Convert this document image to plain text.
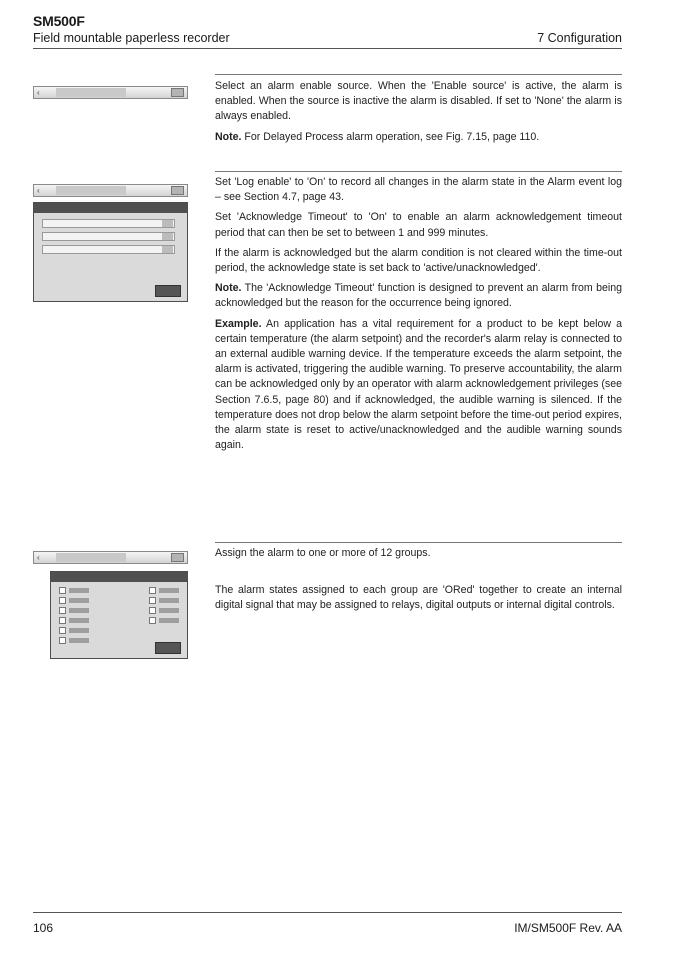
SM500F
Field mountable paperless recorder	7 Configuration
‹

Select an alarm enable source. When the 'Enable source' is active, the alarm is enabled. When the source is inactive the alarm is disabled. If set to 'None' the alarm is always enabled.

Note. For Delayed Process alarm operation, see Fig. 7.15, page 110.

‹

Set 'Log enable' to 'On' to record all changes in the alarm state in the Alarm event log – see Section 4.7, page 43.

Set 'Acknowledge Timeout' to 'On' to enable an alarm acknowledgement timeout period that can then be set to between 1 and 999 minutes.

If the alarm is acknowledged but the alarm condition is not cleared within the time-out period, the acknowledge state is set back to 'active/unacknowledged'.

Note. The 'Acknowledge Timeout' function is designed to prevent an alarm from being acknowledged but the reason for the occurrence being ignored.

Example. An application has a vital requirement for a product to be kept below a certain temperature (the alarm setpoint) and the recorder's alarm relay is connected to an external audible warning device. If the temperature exceeds the alarm setpoint, the alarm is activated, triggering the audible warning. To preserve accountability, the alarm can be acknowledged only by an operator with alarm acknowledgement privileges (see Section 7.6.5, page 80) and if acknowledged, the audible warning is silenced. If the temperature does not drop below the alarm setpoint before the time-out period expires, the alarm state is reset to active/unacknowledged and the audible warning sounds again.

‹	Assign the alarm to one or more of 12 groups.

The alarm states assigned to each group are 'ORed' together to create an internal digital signal that may be assigned to relays, digital outputs or internal digital controls.

106	IM/SM500F Rev. AA
